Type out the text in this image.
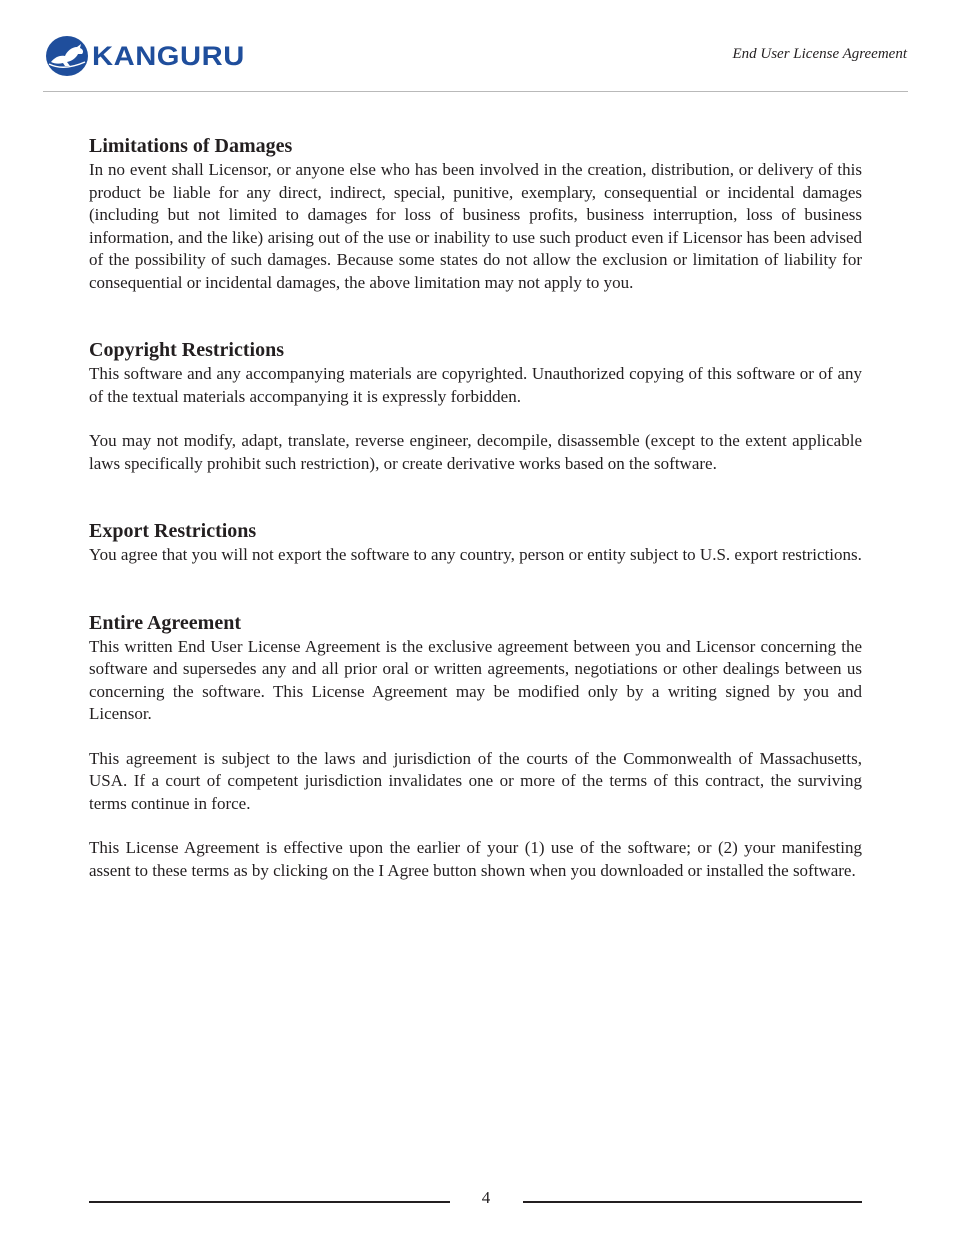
KANGURU	End User License Agreement
Limitations of Damages

In no event shall Licensor, or anyone else who has been involved in the creation, distribution, or delivery of this product be liable for any direct, indirect, special, punitive, exemplary, consequential or incidental damages (including but not limited to damages for loss of business profits, business interruption, loss of business information, and the like) arising out of the use or inability to use such product even if Licensor has been advised of the possibility of such damages. Because some states do not allow the exclusion or limitation of liability for consequential or incidental damages, the above limitation may not apply to you.

Copyright Restrictions

This software and any accompanying materials are copyrighted. Unauthorized copying of this software or of any of the textual materials accompanying it is expressly forbidden.

You may not modify, adapt, translate, reverse engineer, decompile, disassemble (except to the extent applicable laws specifically prohibit such restriction), or create derivative works based on the software.

Export Restrictions

You agree that you will not export the software to any country, person or entity subject to U.S. export restrictions.

Entire Agreement

This written End User License Agreement is the exclusive agreement between you and Licensor concerning the software and supersedes any and all prior oral or written agreements, negotiations or other dealings between us concerning the software. This License Agreement may be modified only by a writing signed by you and Licensor.

This agreement is subject to the laws and jurisdiction of the courts of the Commonwealth of Massachusetts, USA. If a court of competent jurisdiction invalidates one or more of the terms of this contract, the surviving terms continue in force.

This License Agreement is effective upon the earlier of your (1) use of the software; or (2) your manifesting assent to these terms as by clicking on the I Agree button shown when you downloaded or installed the software.

4
